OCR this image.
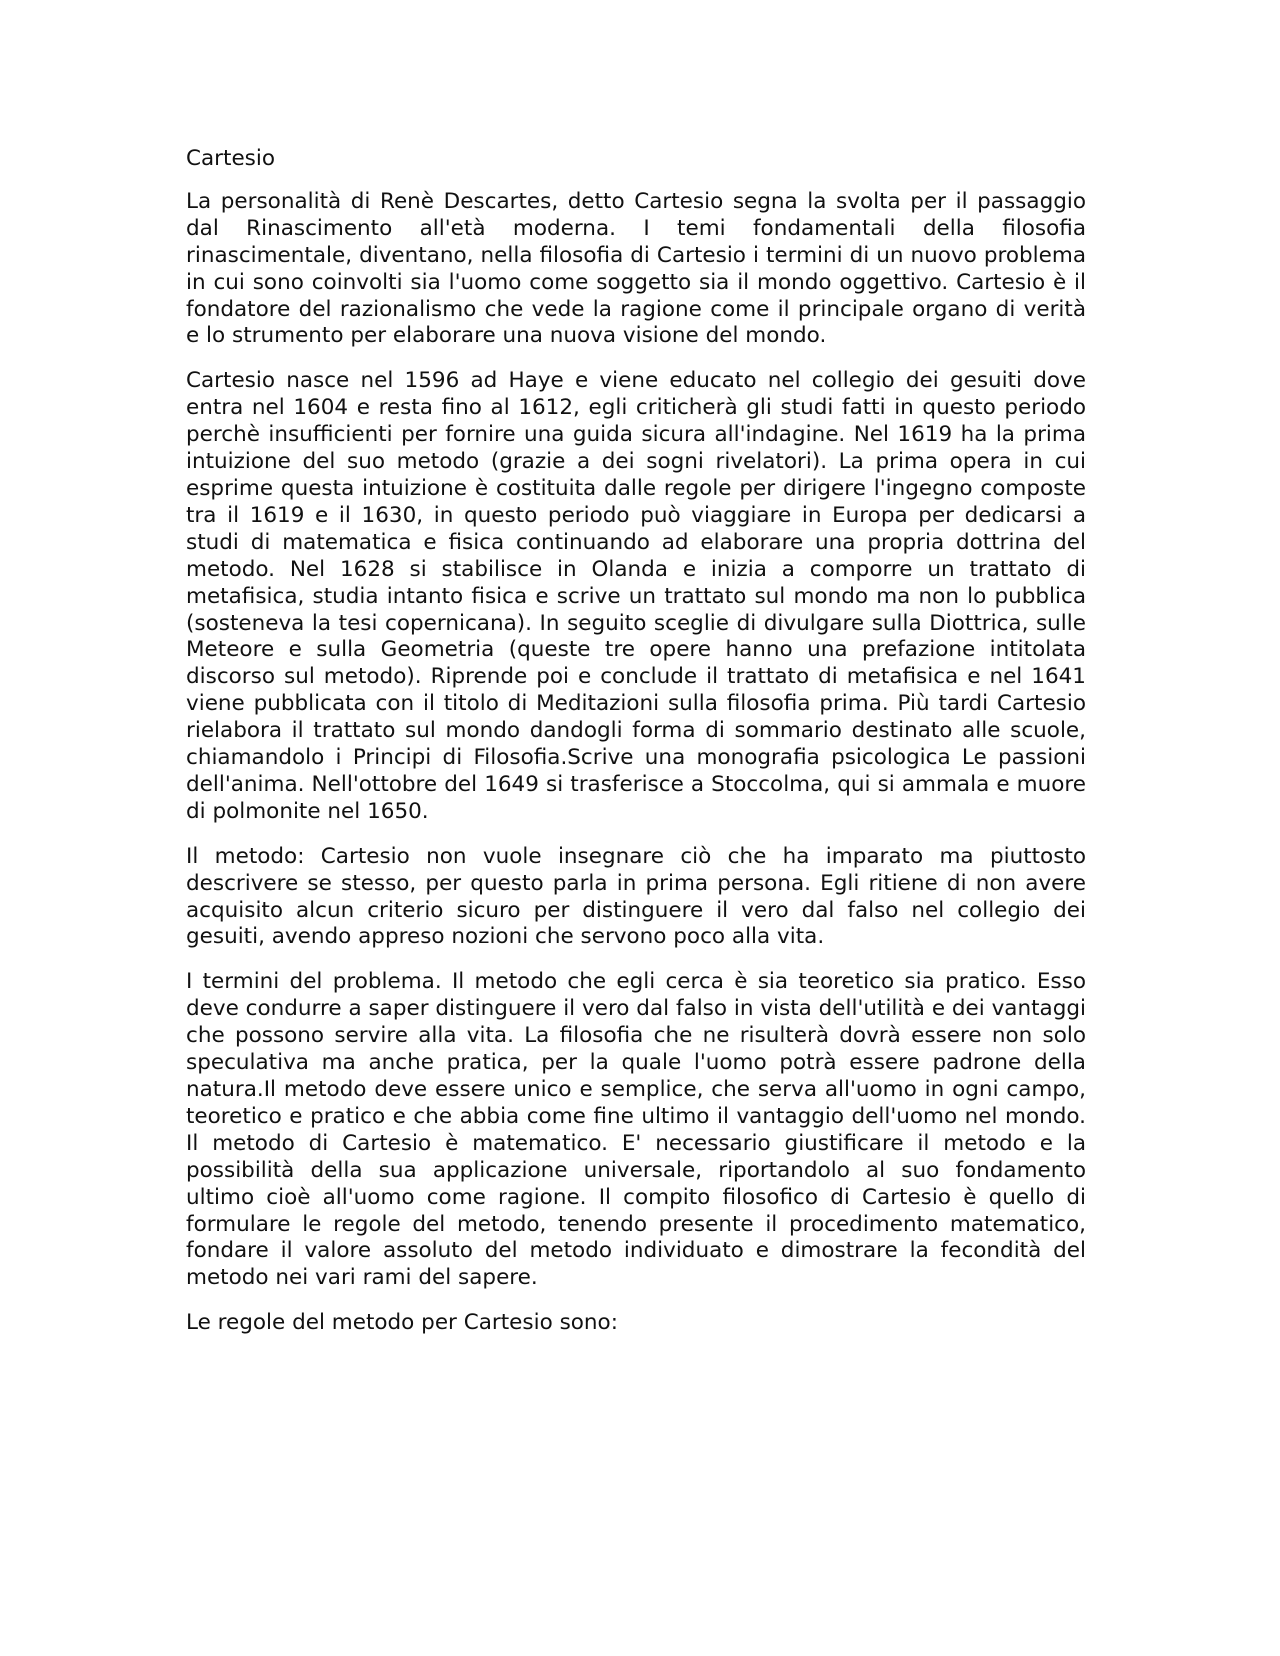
Cartesio

La personalità di Renè Descartes, detto Cartesio segna la svolta per il passaggio dal Rinascimento all'età moderna. I temi fondamentali della filosofia rinascimentale, diventano, nella filosofia di Cartesio i termini di un nuovo problema in cui sono coinvolti sia l'uomo come soggetto sia il mondo oggettivo. Cartesio è il fondatore del razionalismo che vede la ragione come il principale organo di verità e lo strumento per elaborare una nuova visione del mondo.

Cartesio nasce nel 1596 ad Haye e viene educato nel collegio dei gesuiti dove entra nel 1604 e resta fino al 1612, egli criticherà gli studi fatti in questo periodo perchè insufficienti per fornire una guida sicura all'indagine. Nel 1619 ha la prima intuizione del suo metodo (grazie a dei sogni rivelatori). La prima opera in cui esprime questa intuizione è costituita dalle regole per dirigere l'ingegno composte tra il 1619 e il 1630, in questo periodo può viaggiare in Europa per dedicarsi a studi di matematica e fisica continuando ad elaborare una propria dottrina del metodo. Nel 1628 si stabilisce in Olanda e inizia a comporre un trattato di metafisica, studia intanto fisica e scrive un trattato sul mondo ma non lo pubblica (sosteneva la tesi copernicana). In seguito sceglie di divulgare sulla Diottrica, sulle Meteore e sulla Geometria (queste tre opere hanno una prefazione intitolata discorso sul metodo). Riprende poi e conclude il trattato di metafisica e nel 1641 viene pubblicata con il titolo di Meditazioni sulla filosofia prima. Più tardi Cartesio rielabora il trattato sul mondo dandogli forma di sommario destinato alle scuole, chiamandolo i Principi di Filosofia.Scrive una monografia psicologica Le passioni dell'anima. Nell'ottobre del 1649 si trasferisce a Stoccolma, qui si ammala e muore di polmonite nel 1650.

Il metodo: Cartesio non vuole insegnare ciò che ha imparato ma piuttosto descrivere se stesso, per questo parla in prima persona. Egli ritiene di non avere acquisito alcun criterio sicuro per distinguere il vero dal falso nel collegio dei gesuiti, avendo appreso nozioni che servono poco alla vita.

I termini del problema. Il metodo che egli cerca è sia teoretico sia pratico. Esso deve condurre a saper distinguere il vero dal falso in vista dell'utilità e dei vantaggi che possono servire alla vita. La filosofia che ne risulterà dovrà essere non solo speculativa ma anche pratica, per la quale l'uomo potrà essere padrone della natura.Il metodo deve essere unico e semplice, che serva all'uomo in ogni campo, teoretico e pratico e che abbia come fine ultimo il vantaggio dell'uomo nel mondo. Il metodo di Cartesio è matematico. E' necessario giustificare il metodo e la possibilità della sua applicazione universale, riportandolo al suo fondamento ultimo cioè all'uomo come ragione. Il compito filosofico di Cartesio è quello di formulare le regole del metodo, tenendo presente il procedimento matematico, fondare il valore assoluto del metodo individuato e dimostrare la fecondità del metodo nei vari rami del sapere.

Le regole del metodo per Cartesio sono:
